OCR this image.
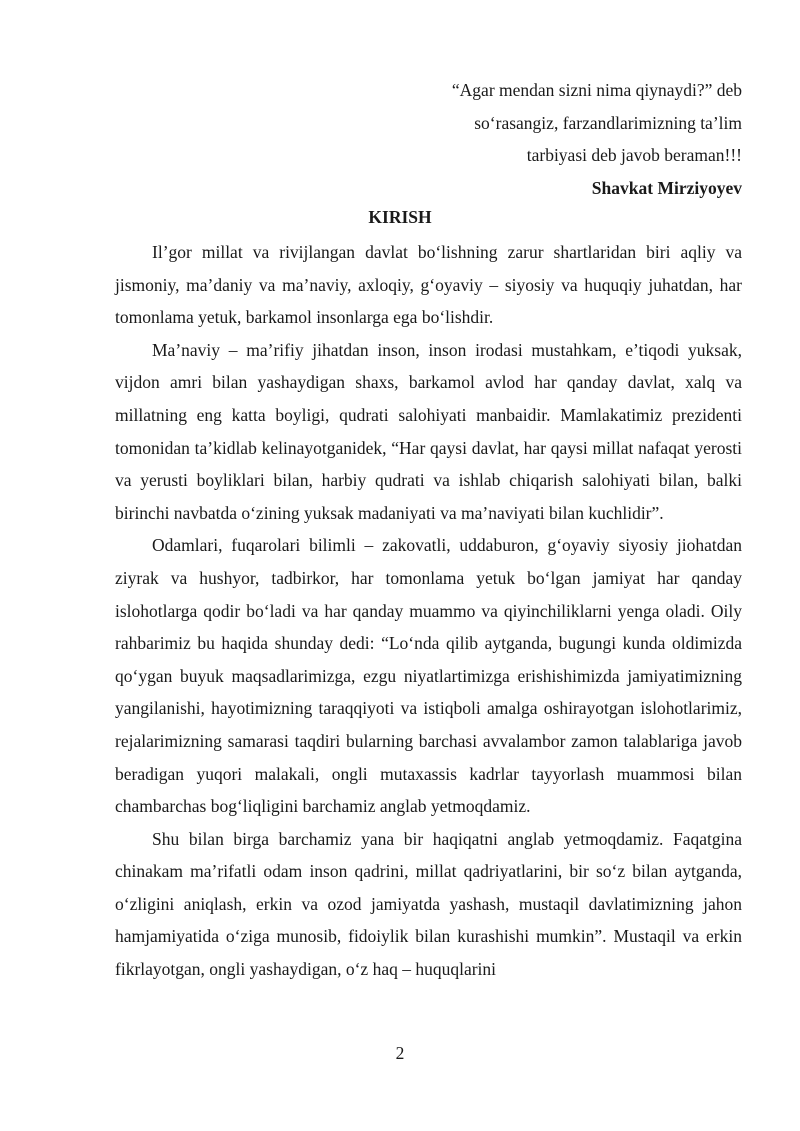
“Agar mendan sizni nima qiynaydi?” deb
so‘rasangiz, farzandlarimizning ta’lim
tarbiyasi deb javob beraman!!!
Shavkat Mirziyoyev
KIRISH

Il’gor millat va rivijlangan davlat bo‘lishning zarur shartlaridan biri aqliy va jismoniy, ma’daniy va ma’naviy, axloqiy, g‘oyaviy – siyosiy va huquqiy juhatdan, har tomonlama yetuk, barkamol insonlarga ega bo‘lishdir.

Ma’naviy – ma’rifiy jihatdan inson, inson irodasi mustahkam, e’tiqodi yuksak, vijdon amri bilan yashaydigan shaxs, barkamol avlod har qanday davlat, xalq va millatning eng katta boyligi, qudrati salohiyati manbaidir. Mamlakatimiz prezidenti tomonidan ta’kidlab kelinayotganidek, “Har qaysi davlat, har qaysi millat nafaqat yerosti va yerusti boyliklari bilan, harbiy qudrati va ishlab chiqarish salohiyati bilan, balki birinchi navbatda o‘zining yuksak madaniyati va ma’naviyati bilan kuchlidir”.

Odamlari, fuqarolari bilimli – zakovatli, uddaburon, g‘oyaviy siyosiy jiohatdan ziyrak va hushyor, tadbirkor, har tomonlama yetuk bo‘lgan jamiyat har qanday islohotlarga qodir bo‘ladi va har qanday muammo va qiyinchiliklarni yenga oladi. Oily rahbarimiz bu haqida shunday dedi: “Lo‘nda qilib aytganda, bugungi kunda oldimizda qo‘ygan buyuk maqsadlarimizga, ezgu niyatlartimizga erishishimizda jamiyatimizning yangilanishi, hayotimizning taraqqiyoti va istiqboli amalga oshirayotgan islohotlarimiz, rejalarimizning samarasi taqdiri bularning barchasi avvalambor zamon talablariga javob beradigan yuqori malakali, ongli mutaxassis kadrlar tayyorlash muammosi bilan chambarchas bog‘liqligini barchamiz anglab yetmoqdamiz.

Shu bilan birga barchamiz yana bir haqiqatni anglab yetmoqdamiz. Faqatgina chinakam ma’rifatli odam inson qadrini, millat qadriyatlarini, bir so‘z bilan aytganda, o‘zligini aniqlash, erkin va ozod jamiyatda yashash, mustaqil davlatimizning jahon hamjamiyatida o‘ziga munosib, fidoiylik bilan kurashishi mumkin”. Mustaqil va erkin fikrlayotgan, ongli yashaydigan, o‘z haq – huquqlarini

2
